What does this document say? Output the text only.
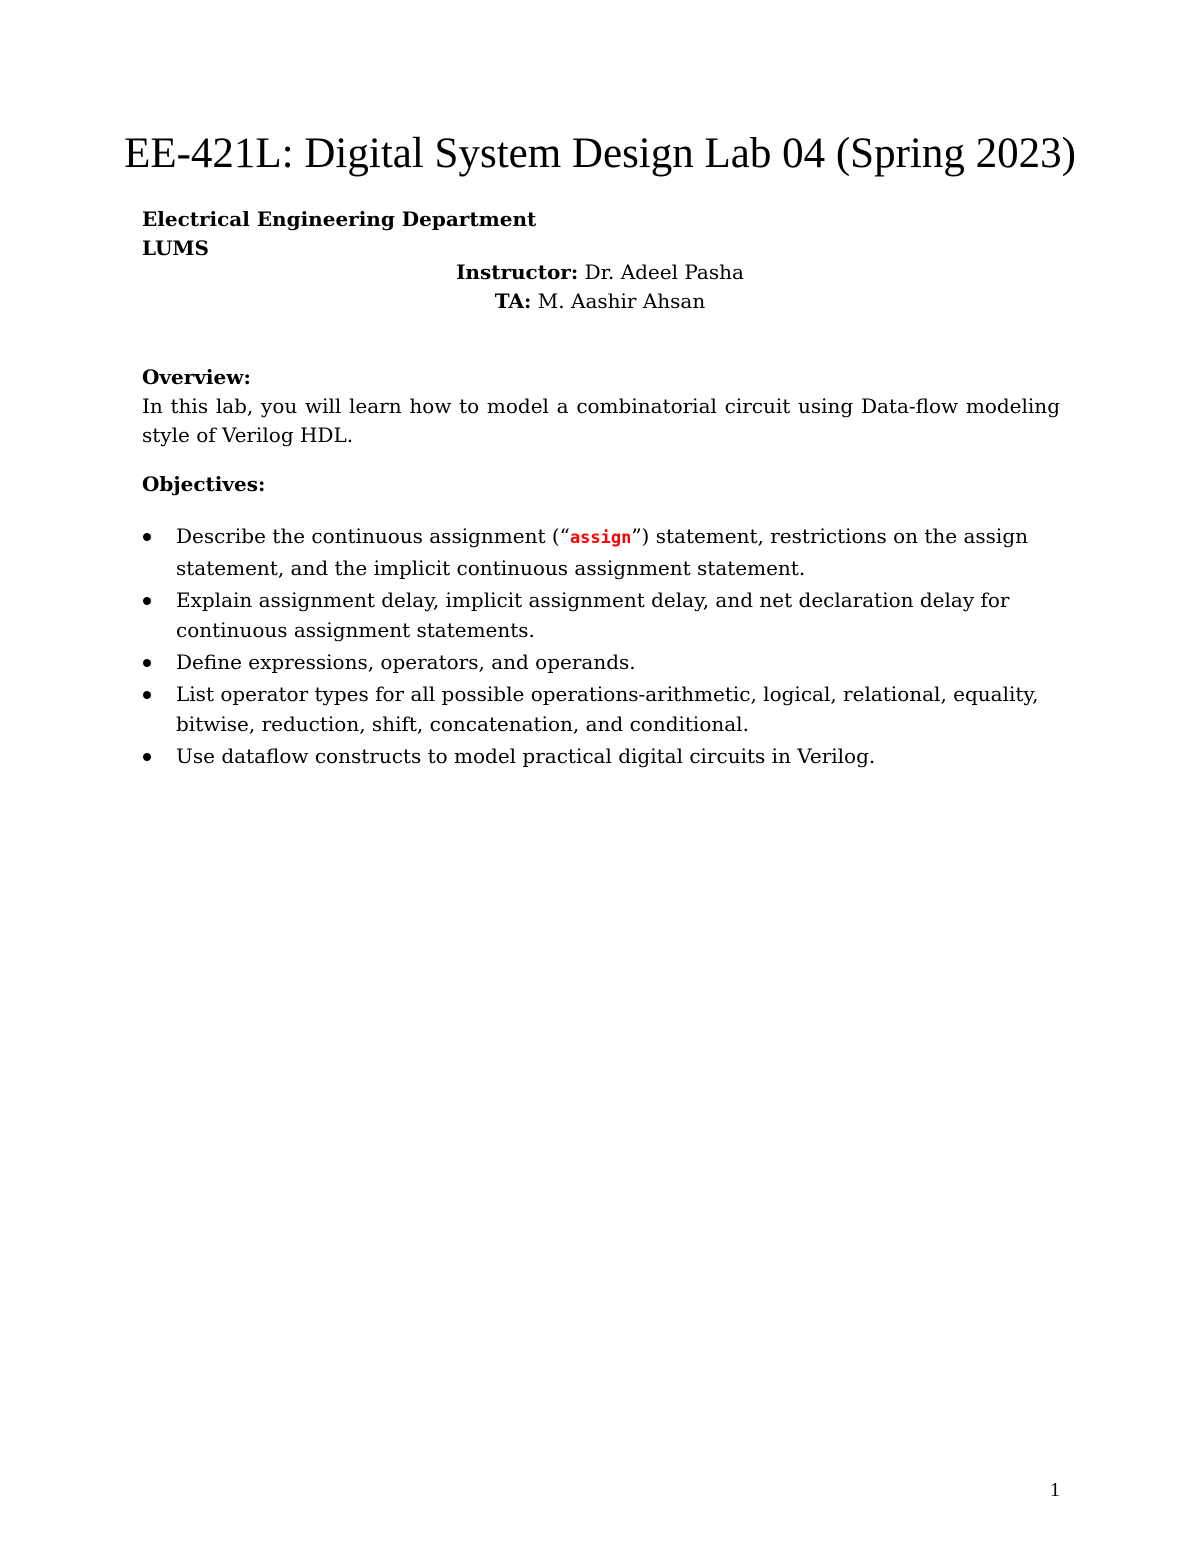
EE-421L: Digital System Design Lab 04 (Spring 2023)
Electrical Engineering Department
LUMS
Instructor: Dr. Adeel Pasha
TA: M. Aashir Ahsan
Overview:

In this lab, you will learn how to model a combinatorial circuit using Data-flow modeling style of Verilog HDL.

Objectives:
Describe the continuous assignment (“assign”) statement, restrictions on the assign statement, and the implicit continuous assignment statement.
Explain assignment delay, implicit assignment delay, and net declaration delay for continuous assignment statements.
Define expressions, operators, and operands.
List operator types for all possible operations-arithmetic, logical, relational, equality, bitwise, reduction, shift, concatenation, and conditional.
Use dataflow constructs to model practical digital circuits in Verilog.
1
